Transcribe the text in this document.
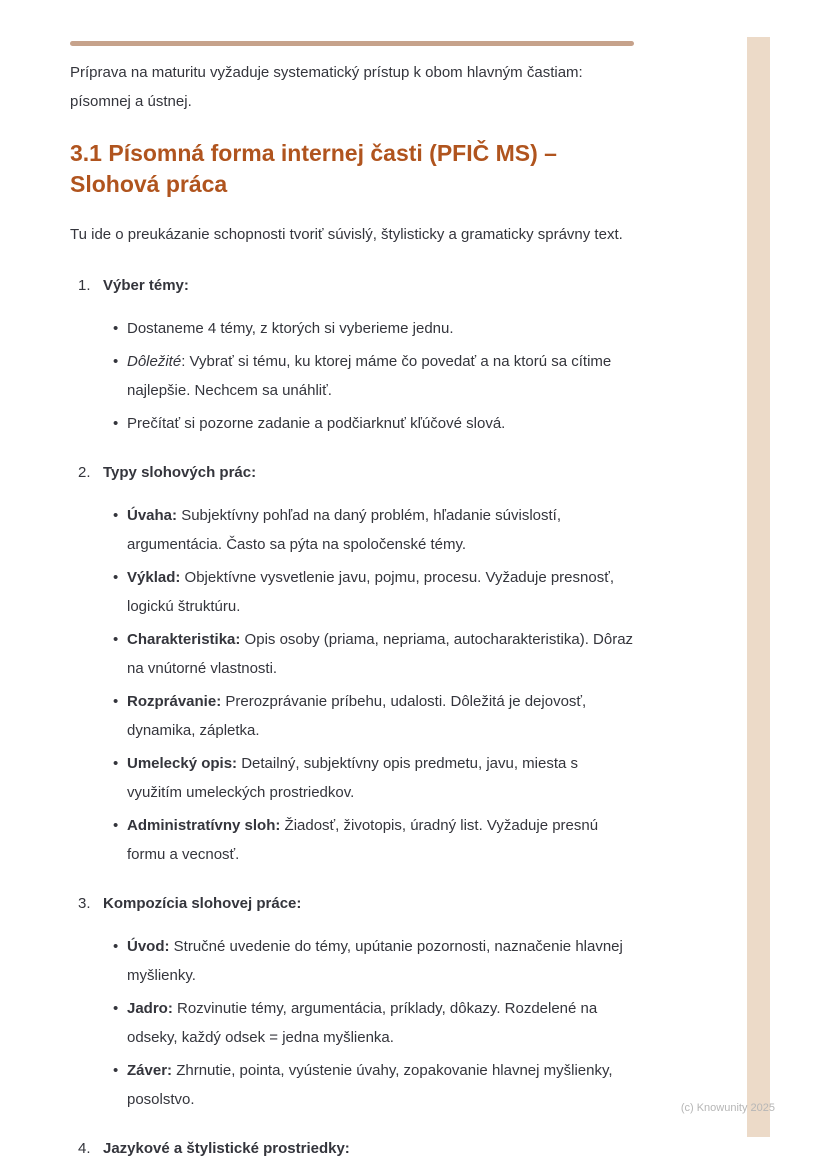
Príprava na maturitu vyžaduje systematický prístup k obom hlavným častiam: písomnej a ústnej.

3.1 Písomná forma internej časti (PFIČ MS) – Slohová práca

Tu ide o preukázanie schopnosti tvoriť súvislý, štylisticky a gramaticky správny text.

1. Výber témy:
•
Dostaneme 4 témy, z ktorých si vyberieme jednu.
•
Dôležité: Vybrať si tému, ku ktorej máme čo povedať a na ktorú sa cítime najlepšie. Nechcem sa unáhliť.
•
Prečítať si pozorne zadanie a podčiarknuť kľúčové slová.
2. Typy slohových prác:
•
Úvaha: Subjektívny pohľad na daný problém, hľadanie súvislostí, argumentácia. Často sa pýta na spoločenské témy.
•
Výklad: Objektívne vysvetlenie javu, pojmu, procesu. Vyžaduje presnosť, logickú štruktúru.
•
Charakteristika: Opis osoby (priama, nepriama, autocharakteristika). Dôraz na vnútorné vlastnosti.
•
Rozprávanie: Prerozprávanie príbehu, udalosti. Dôležitá je dejovosť, dynamika, zápletka.
•
Umelecký opis: Detailný, subjektívny opis predmetu, javu, miesta s využitím umeleckých prostriedkov.
•
Administratívny sloh: Žiadosť, životopis, úradný list. Vyžaduje presnú formu a vecnosť.
3. Kompozícia slohovej práce:
•
Úvod: Stručné uvedenie do témy, upútanie pozornosti, naznačenie hlavnej myšlienky.
•
Jadro: Rozvinutie témy, argumentácia, príklady, dôkazy. Rozdelené na odseky, každý odsek = jedna myšlienka.
•
Záver: Zhrnutie, pointa, vyústenie úvahy, zopakovanie hlavnej myšlienky, posolstvo.
4. Jazykové a štylistické prostriedky:
(c) Knowunity 2025
